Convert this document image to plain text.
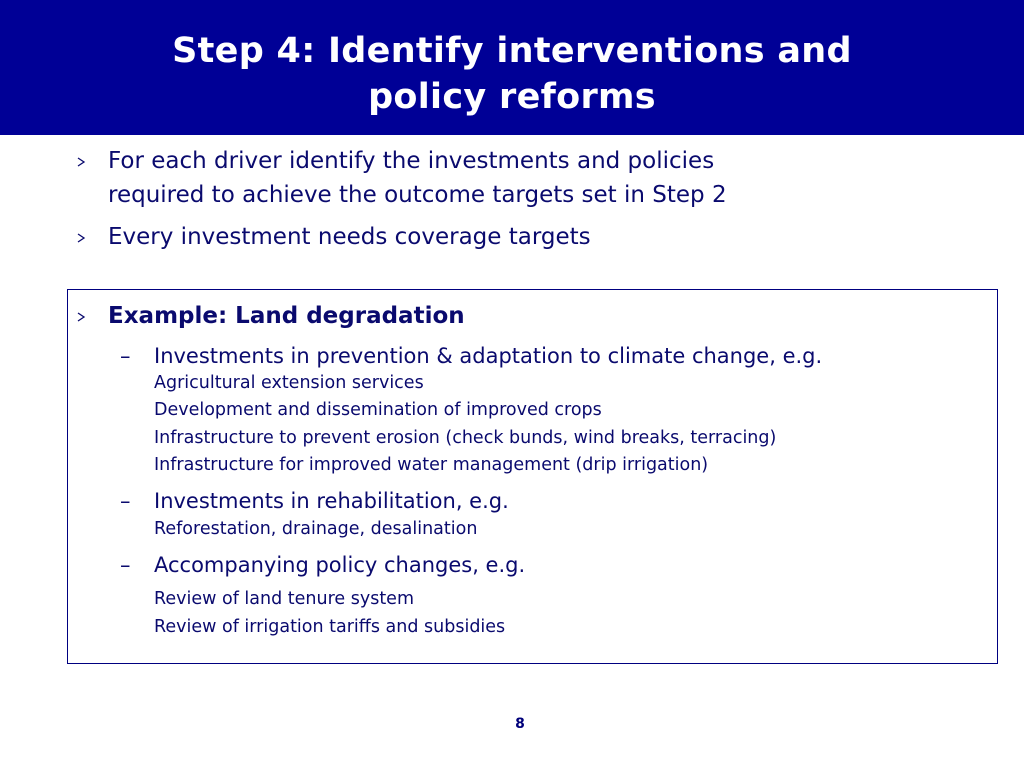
Step 4: Identify interventions and
policy reforms
For each driver identify the investments and policies
required to achieve the outcome targets set in Step 2
Every investment needs coverage targets
Example: Land degradation
– Investments in prevention & adaptation to climate change, e.g.
Agricultural extension services
Development and dissemination of improved crops
Infrastructure to prevent erosion (check bunds, wind breaks, terracing)
Infrastructure for improved water management (drip irrigation)
– Investments in rehabilitation, e.g.
Reforestation, drainage, desalination
– Accompanying policy changes, e.g.
Review of land tenure system
Review of irrigation tariffs and subsidies
8
